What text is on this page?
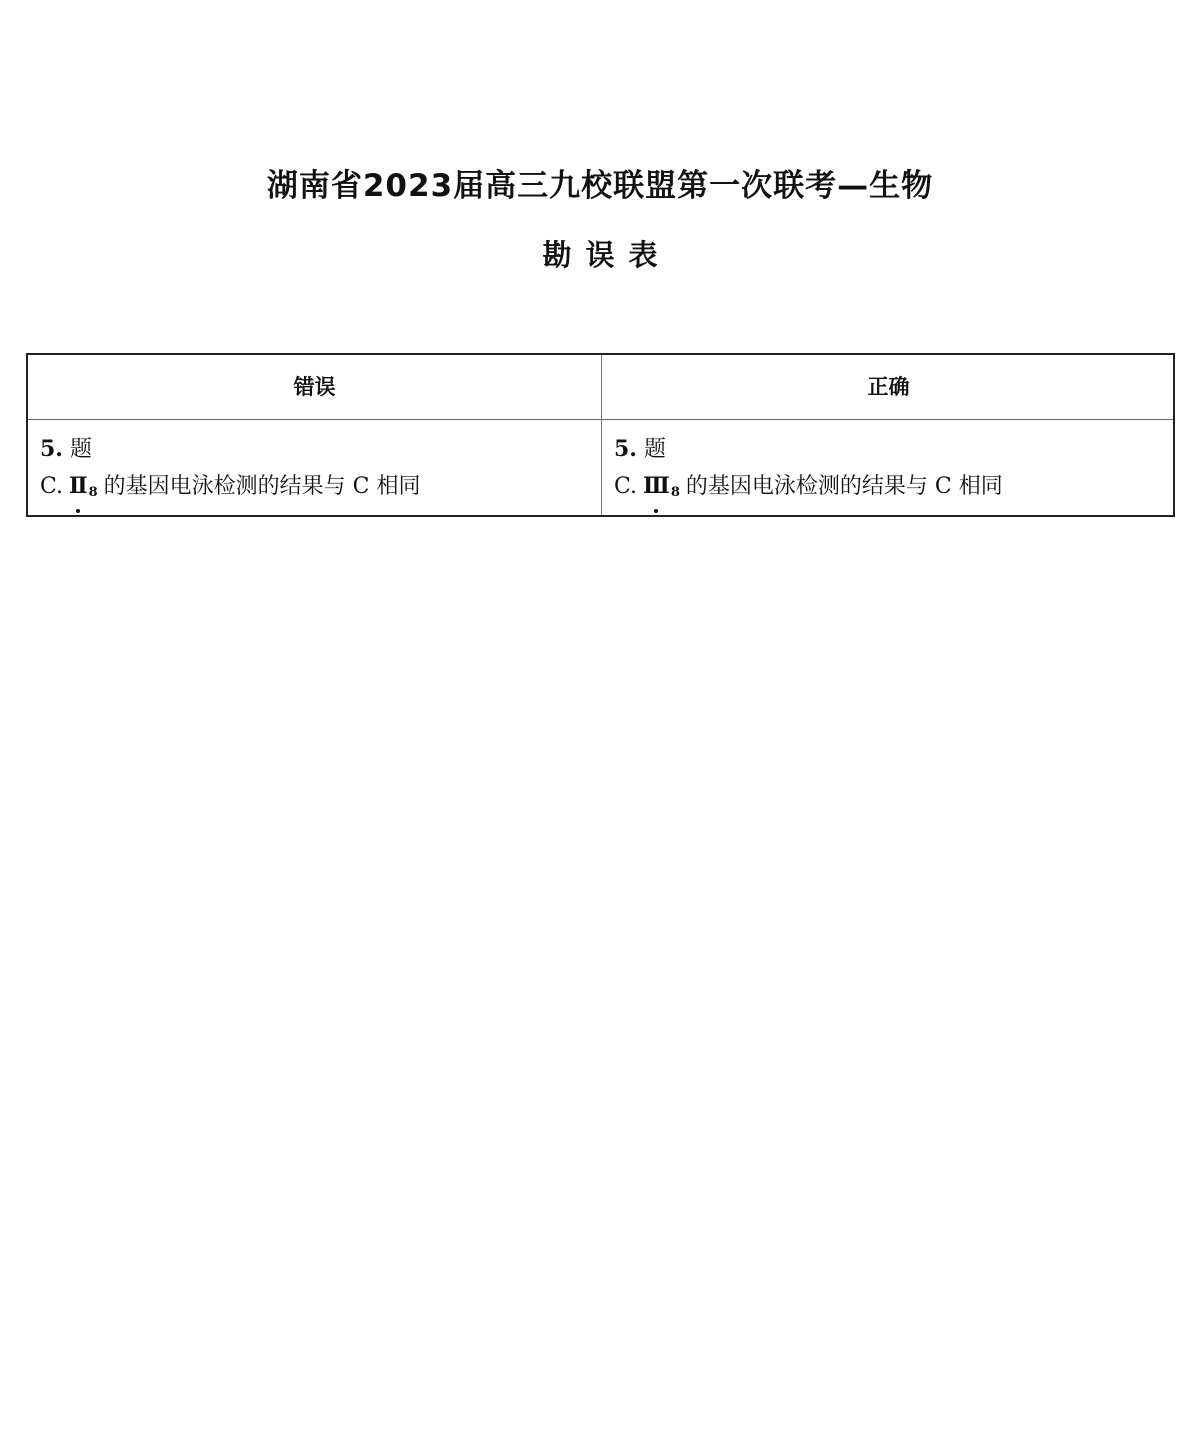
湖南省2023届高三九校联盟第一次联考—生物
勘误表
错误	正确
5. 题
C. $Ⅱ_8$ 的基因电泳检测的结果与 C 相同
5. 题
C. $Ⅲ_8$ 的基因电泳检测的结果与 C 相同
